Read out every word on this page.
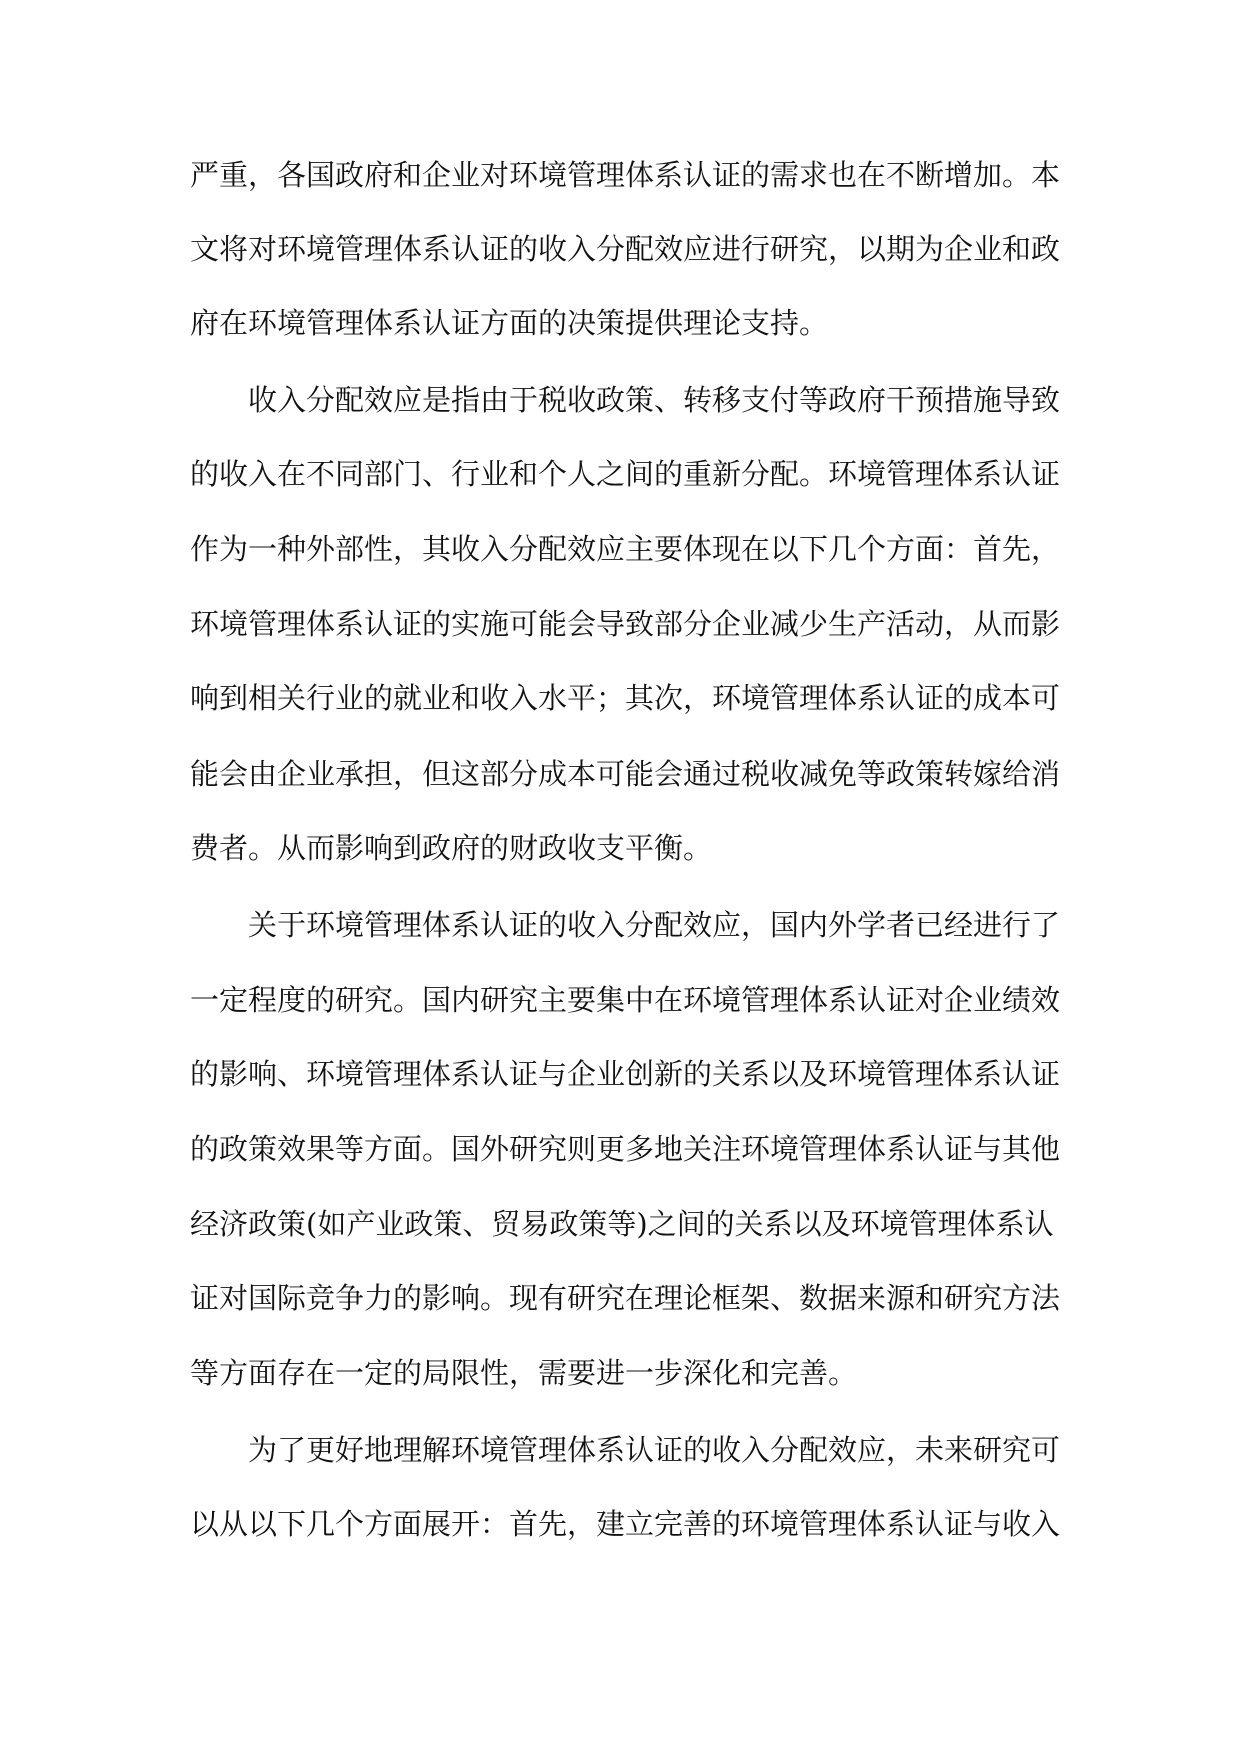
严重，各国政府和企业对环境管理体系认证的需求也在不断增加。本
文将对环境管理体系认证的收入分配效应进行研究，以期为企业和政
府在环境管理体系认证方面的决策提供理论支持。
收入分配效应是指由于税收政策、转移支付等政府干预措施导致
的收入在不同部门、行业和个人之间的重新分配。环境管理体系认证
作为一种外部性，其收入分配效应主要体现在以下几个方面：首先，
环境管理体系认证的实施可能会导致部分企业减少生产活动，从而影
响到相关行业的就业和收入水平；其次，环境管理体系认证的成本可
能会由企业承担，但这部分成本可能会通过税收减免等政策转嫁给消
费者。从而影响到政府的财政收支平衡。
关于环境管理体系认证的收入分配效应，国内外学者已经进行了
一定程度的研究。国内研究主要集中在环境管理体系认证对企业绩效
的影响、环境管理体系认证与企业创新的关系以及环境管理体系认证
的政策效果等方面。国外研究则更多地关注环境管理体系认证与其他
经济政策(如产业政策、贸易政策等)之间的关系以及环境管理体系认
证对国际竞争力的影响。现有研究在理论框架、数据来源和研究方法
等方面存在一定的局限性，需要进一步深化和完善。
为了更好地理解环境管理体系认证的收入分配效应，未来研究可
以从以下几个方面展开：首先，建立完善的环境管理体系认证与收入
